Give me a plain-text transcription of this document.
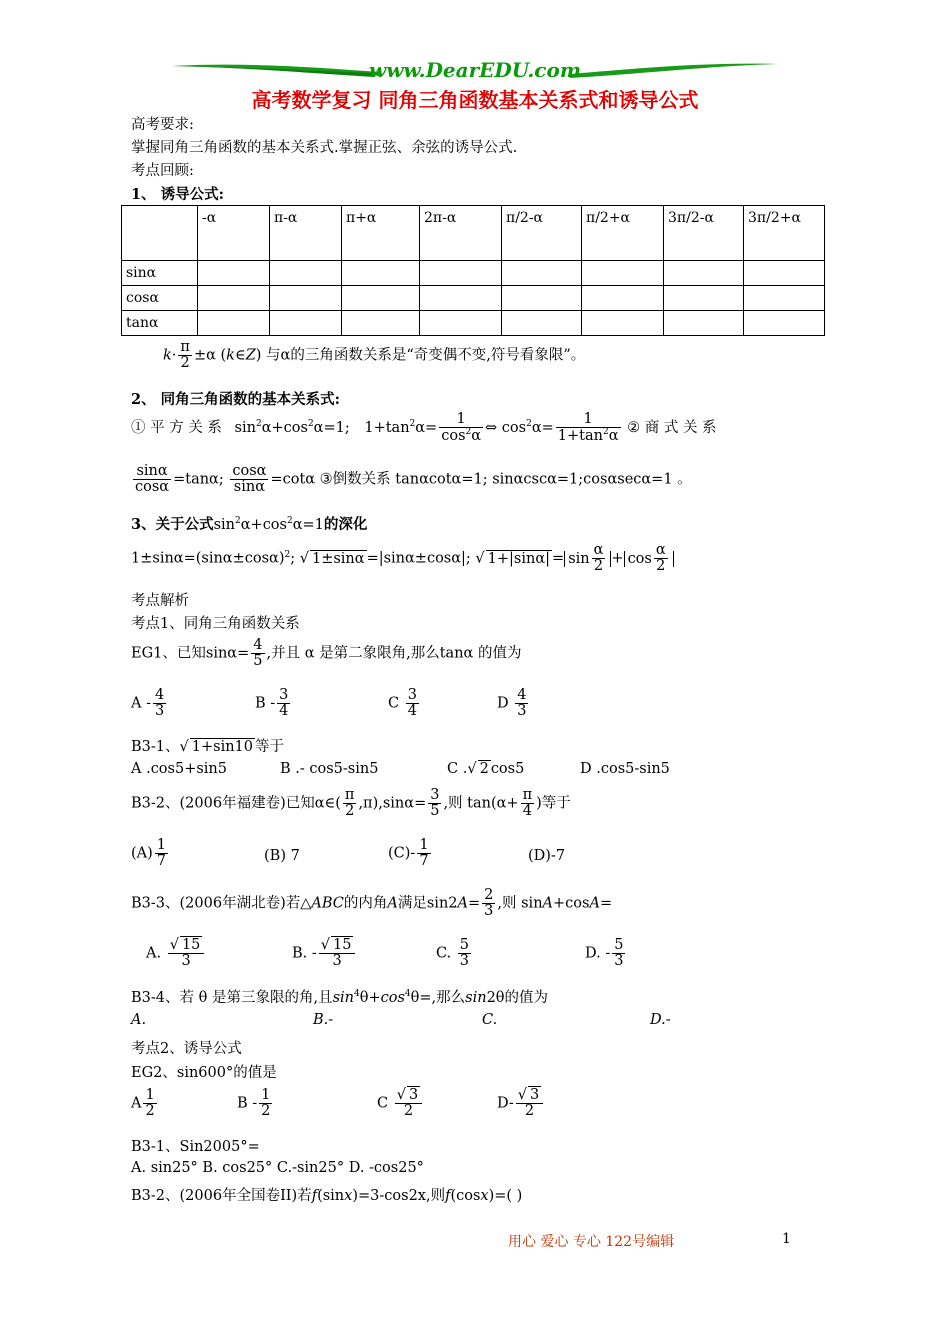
www.DearEDU.com
高考数学复习 同角三角函数基本关系式和诱导公式
高考要求:
掌握同角三角函数的基本关系式.掌握正弦、余弦的诱导公式.
考点回顾:
1、 诱导公式:
	-α	π-α	π+α	2π-α	π/2-α	π/2+α	3π/2-α	3π/2+α
sinα								
cosα								
tanα								
$k\cdot \frac{\pi}{2} \pm\alpha$ (k∈Z) 与α的三角函数关系是“奇变偶不变,符号看象限”。
2、 同角三角函数的基本关系式:
① 平 方 关 系 $\sin^2\alpha+\cos^2\alpha=1$; $1+\tan^2\alpha= \frac{1}{\cos^2\alpha}$ ⇔ $\cos^2\alpha= \frac{1}{1+\tan^2\alpha}$ ② 商 式 关 系
$\frac{\sin\alpha}{\cos\alpha} =\tan\alpha$; $\frac{\cos\alpha}{\sin\alpha} =\cot\alpha$ ③倒数关系 tanαcotα=1; sinαcscα=1;cosαsecα=1 。
3、关于公式$\sin^2\alpha+\cos^2\alpha=1$的深化
$1\pm\sin\alpha=(\sin\alpha\pm\cos\alpha)^2$; √ 1±sinα =|sinα±cosα|; √ $1+|\sin\alpha| = \sin \frac{\alpha}{2} + \cos \frac{\alpha}{2}$
考点解析
考点1、同角三角函数关系
EG1、已知$\sin\alpha= \frac{4}{5}$ ,并且 α 是第二象限角,那么tanα 的值为
A - $\frac{4}{3}$	B - $\frac{3}{4}$	C $\frac{3}{4}$	D $\frac{4}{3}$
B3-1、√ 1+sin10 等于
A .cos5+sin5	B .- cos5-sin5	C .√ 2 cos5	D .cos5-sin5
B3-2、(2006年福建卷)已知α∈( $\frac{\pi}{2} ,\pi),\sin\alpha= \frac{3}{5}$ ,则 $\tan(\alpha+ \frac{\pi}{4}$ )等于
$(A) \frac{1}{7}$	(B) 7	$(C)- \frac{1}{7}$	(D)-7
B3-3、(2006年湖北卷)若△ABC的内角A满足$\sin 2A= \frac{2}{3}$ ,则 sinA+cosA=
A. $\frac{√ 15}{3}$	B. - $\frac{√ 15}{3}$	C. $\frac{5}{3}$	D. - $\frac{5}{3}$
B3-4、若 θ 是第三象限的角,且$\sin^4\theta+\cos^4\theta=$,那么sin2θ的值为
A.	B.-	C.	D.-
考点2、诱导公式
EG2、sin600°的值是
A $\frac{1}{2}$	B - $\frac{1}{2}$	C $\frac{√ 3}{2}$	$D- \frac{√ 3}{2}$
B3-1、Sin2005°=
A. sin25° B. cos25° C.-sin25° D. -cos25°
B3-2、(2006年全国卷II)若f(sinx)=3-cos2x,则f(cosx)=( )
用心 爱心 专心 122号编辑	1
